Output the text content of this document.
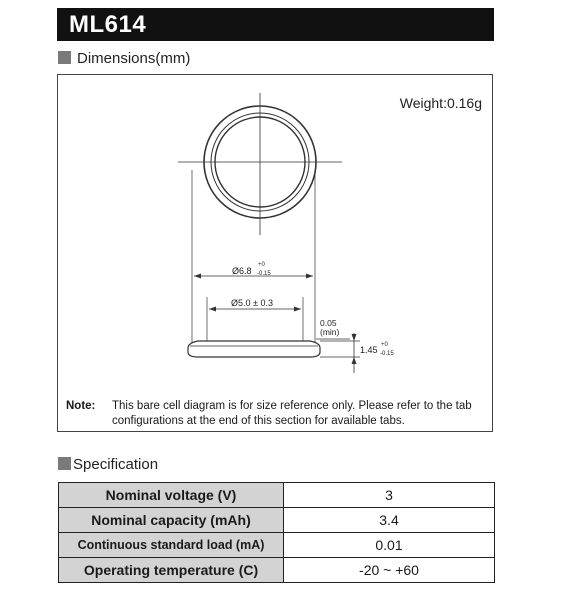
ML614
Dimensions(mm)
Ø6.8
+0
-0.15
Ø5.0 ± 0.3
0.05
(min)
1.45 +0
-0.15
Weight:0.16g
Note: This bare cell diagram is for size reference only. Please refer to the tab configurations at the end of this section for available tabs.
Specification
Nominal voltage (V)	3
Nominal capacity (mAh)	3.4
Continuous standard load (mA)	0.01
Operating temperature (C)	-20 ~ +60
